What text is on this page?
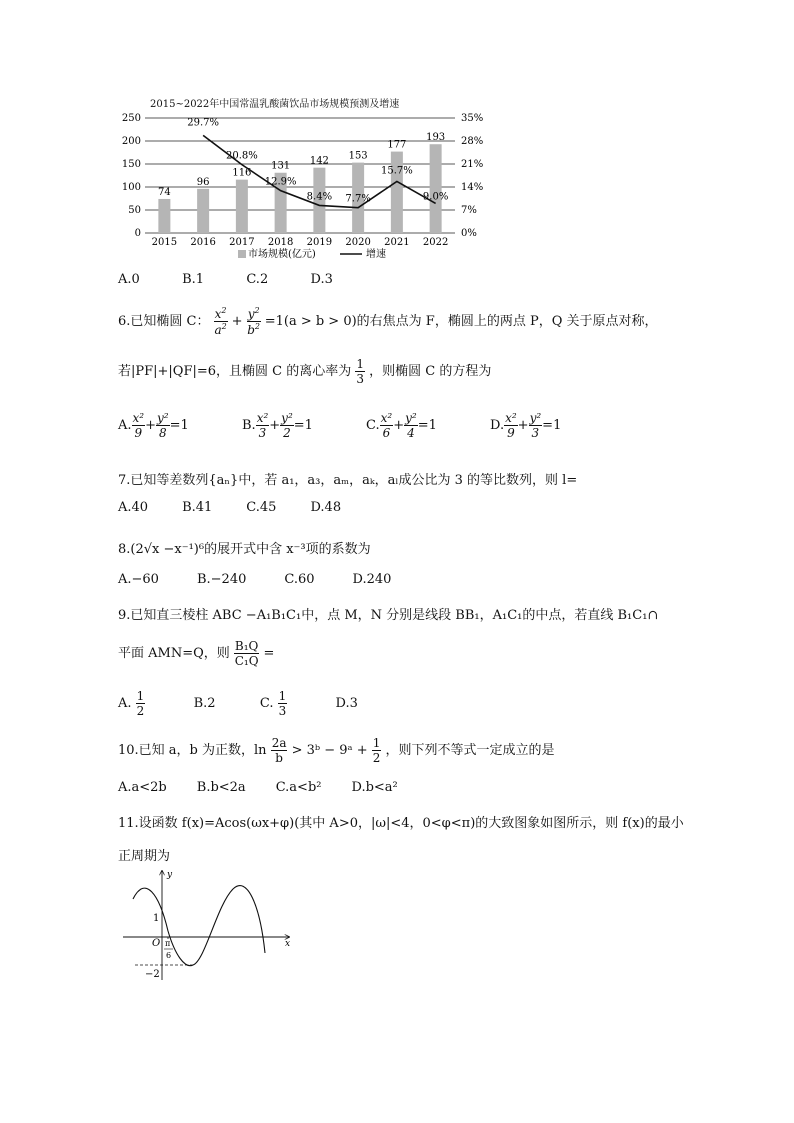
2015~2022年中国常温乳酸菌饮品市场规模预测及增速
0
50
100
150
200
250
0%
7%
14%
21%
28%
35%
74
2015
96
2016
116
2017
131
2018
142
2019
153
2020
177
2021
193
2022
29.7%
20.8%
12.9%
8.4% 7.7%
15.7%
9.0%
市场规模(亿元)	增速
A.0	B.1	C.2	D.3
6.已知椭圆 C： $\frac{x^2}{a^2} + \frac{y^2}{b^2} =1(a > b > 0)$的右焦点为 F，椭圆上的两点 P，Q 关于原点对称，
若|PF|+|QF|=6，且椭圆 C 的离心率为 $\frac{1}{3}$ ，则椭圆 C 的方程为
A. $\frac{\text{x²}}{9} + \frac{\text{y²}}{8} =1$	B. $\frac{\text{x²}}{3} + \frac{\text{y²}}{2} =1$	C. $\frac{\text{x²}}{6} + \frac{\text{y²}}{4} =1$	D. $\frac{\text{x²}}{9} + \frac{\text{y²}}{3} =1$
7.已知等差数列{aₙ}中，若 a₁，a₃，aₘ，aₖ，aₗ成公比为 3 的等比数列，则 l=
A.40	B.41	C.45	D.48
8.(2√x −x⁻¹)⁶的展开式中含 x⁻³项的系数为
A.−60	B.−240	C.60	D.240
9.已知直三棱柱 ABC −A₁B₁C₁中，点 M，N 分别是线段 BB₁，A₁C₁的中点，若直线 B₁C₁∩
平面 AMN=Q，则 $\frac{\text{B₁Q}}{\text{C₁Q}}$ =
A. $\frac{1}{2}$	B.2	C. $\frac{1}{3}$	D.3
10.已知 a，b 为正数，$\ln \frac{2a}{b}$ > 3ᵇ − 9ᵃ + $\frac{1}{2}$ ，则下列不等式一定成立的是
A.a<2b B.b<2a C.a<b² D.b<a²
11.设函数 f(x)=Acos(ωx+φ)(其中 A>0，|ω|<4，0<φ<π)的大致图象如图所示，则 f(x)的最小
正周期为
y
x
O
1
−2
π
6
